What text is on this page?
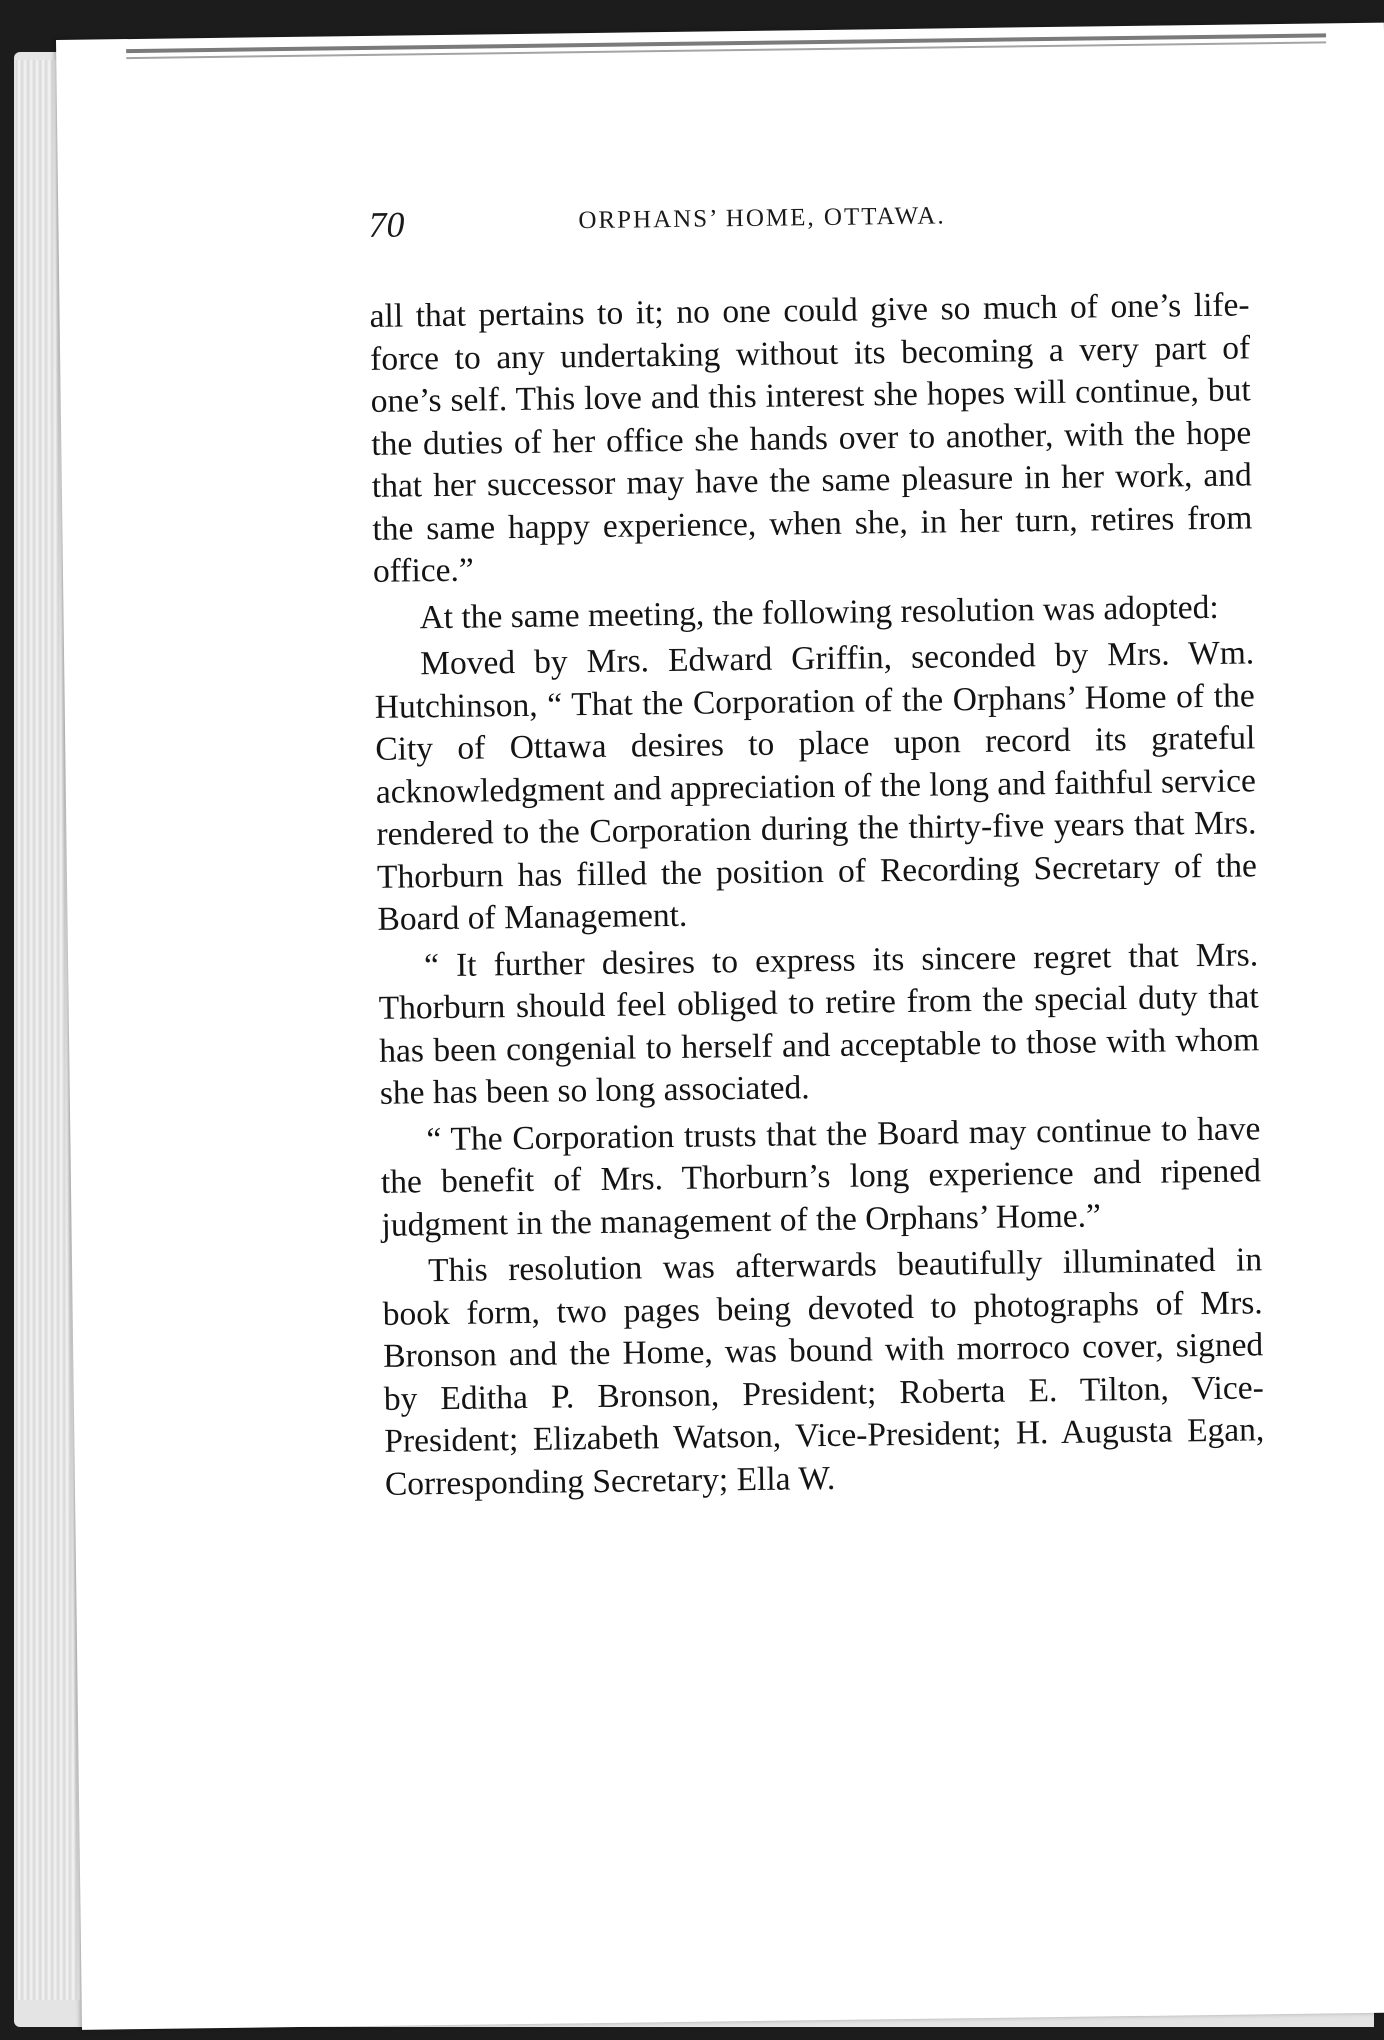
70	ORPHANS’ HOME, OTTAWA.

all that pertains to it; no one could give so much of one’s life-force to any undertaking without its becoming a very part of one’s self. This love and this interest she hopes will continue, but the duties of her office she hands over to another, with the hope that her successor may have the same pleasure in her work, and the same happy experience, when she, in her turn, retires from office.”

At the same meeting, the following resolution was adopted:

Moved by Mrs. Edward Griffin, seconded by Mrs. Wm. Hutchinson, “ That the Corporation of the Orphans’ Home of the City of Ottawa desires to place upon record its grateful acknowledgment and appreciation of the long and faithful service rendered to the Corporation during the thirty-five years that Mrs. Thorburn has filled the position of Recording Secretary of the Board of Management.

“ It further desires to express its sincere regret that Mrs. Thorburn should feel obliged to retire from the special duty that has been congenial to herself and acceptable to those with whom she has been so long associated.

“ The Corporation trusts that the Board may continue to have the benefit of Mrs. Thorburn’s long experience and ripened judgment in the management of the Orphans’ Home.”

This resolution was afterwards beautifully illuminated in book form, two pages being devoted to photographs of Mrs. Bronson and the Home, was bound with morroco cover, signed by Editha P. Bronson, President; Roberta E. Tilton, Vice-President; Elizabeth Watson, Vice-President; H. Augusta Egan, Corresponding Secretary; Ella W.
